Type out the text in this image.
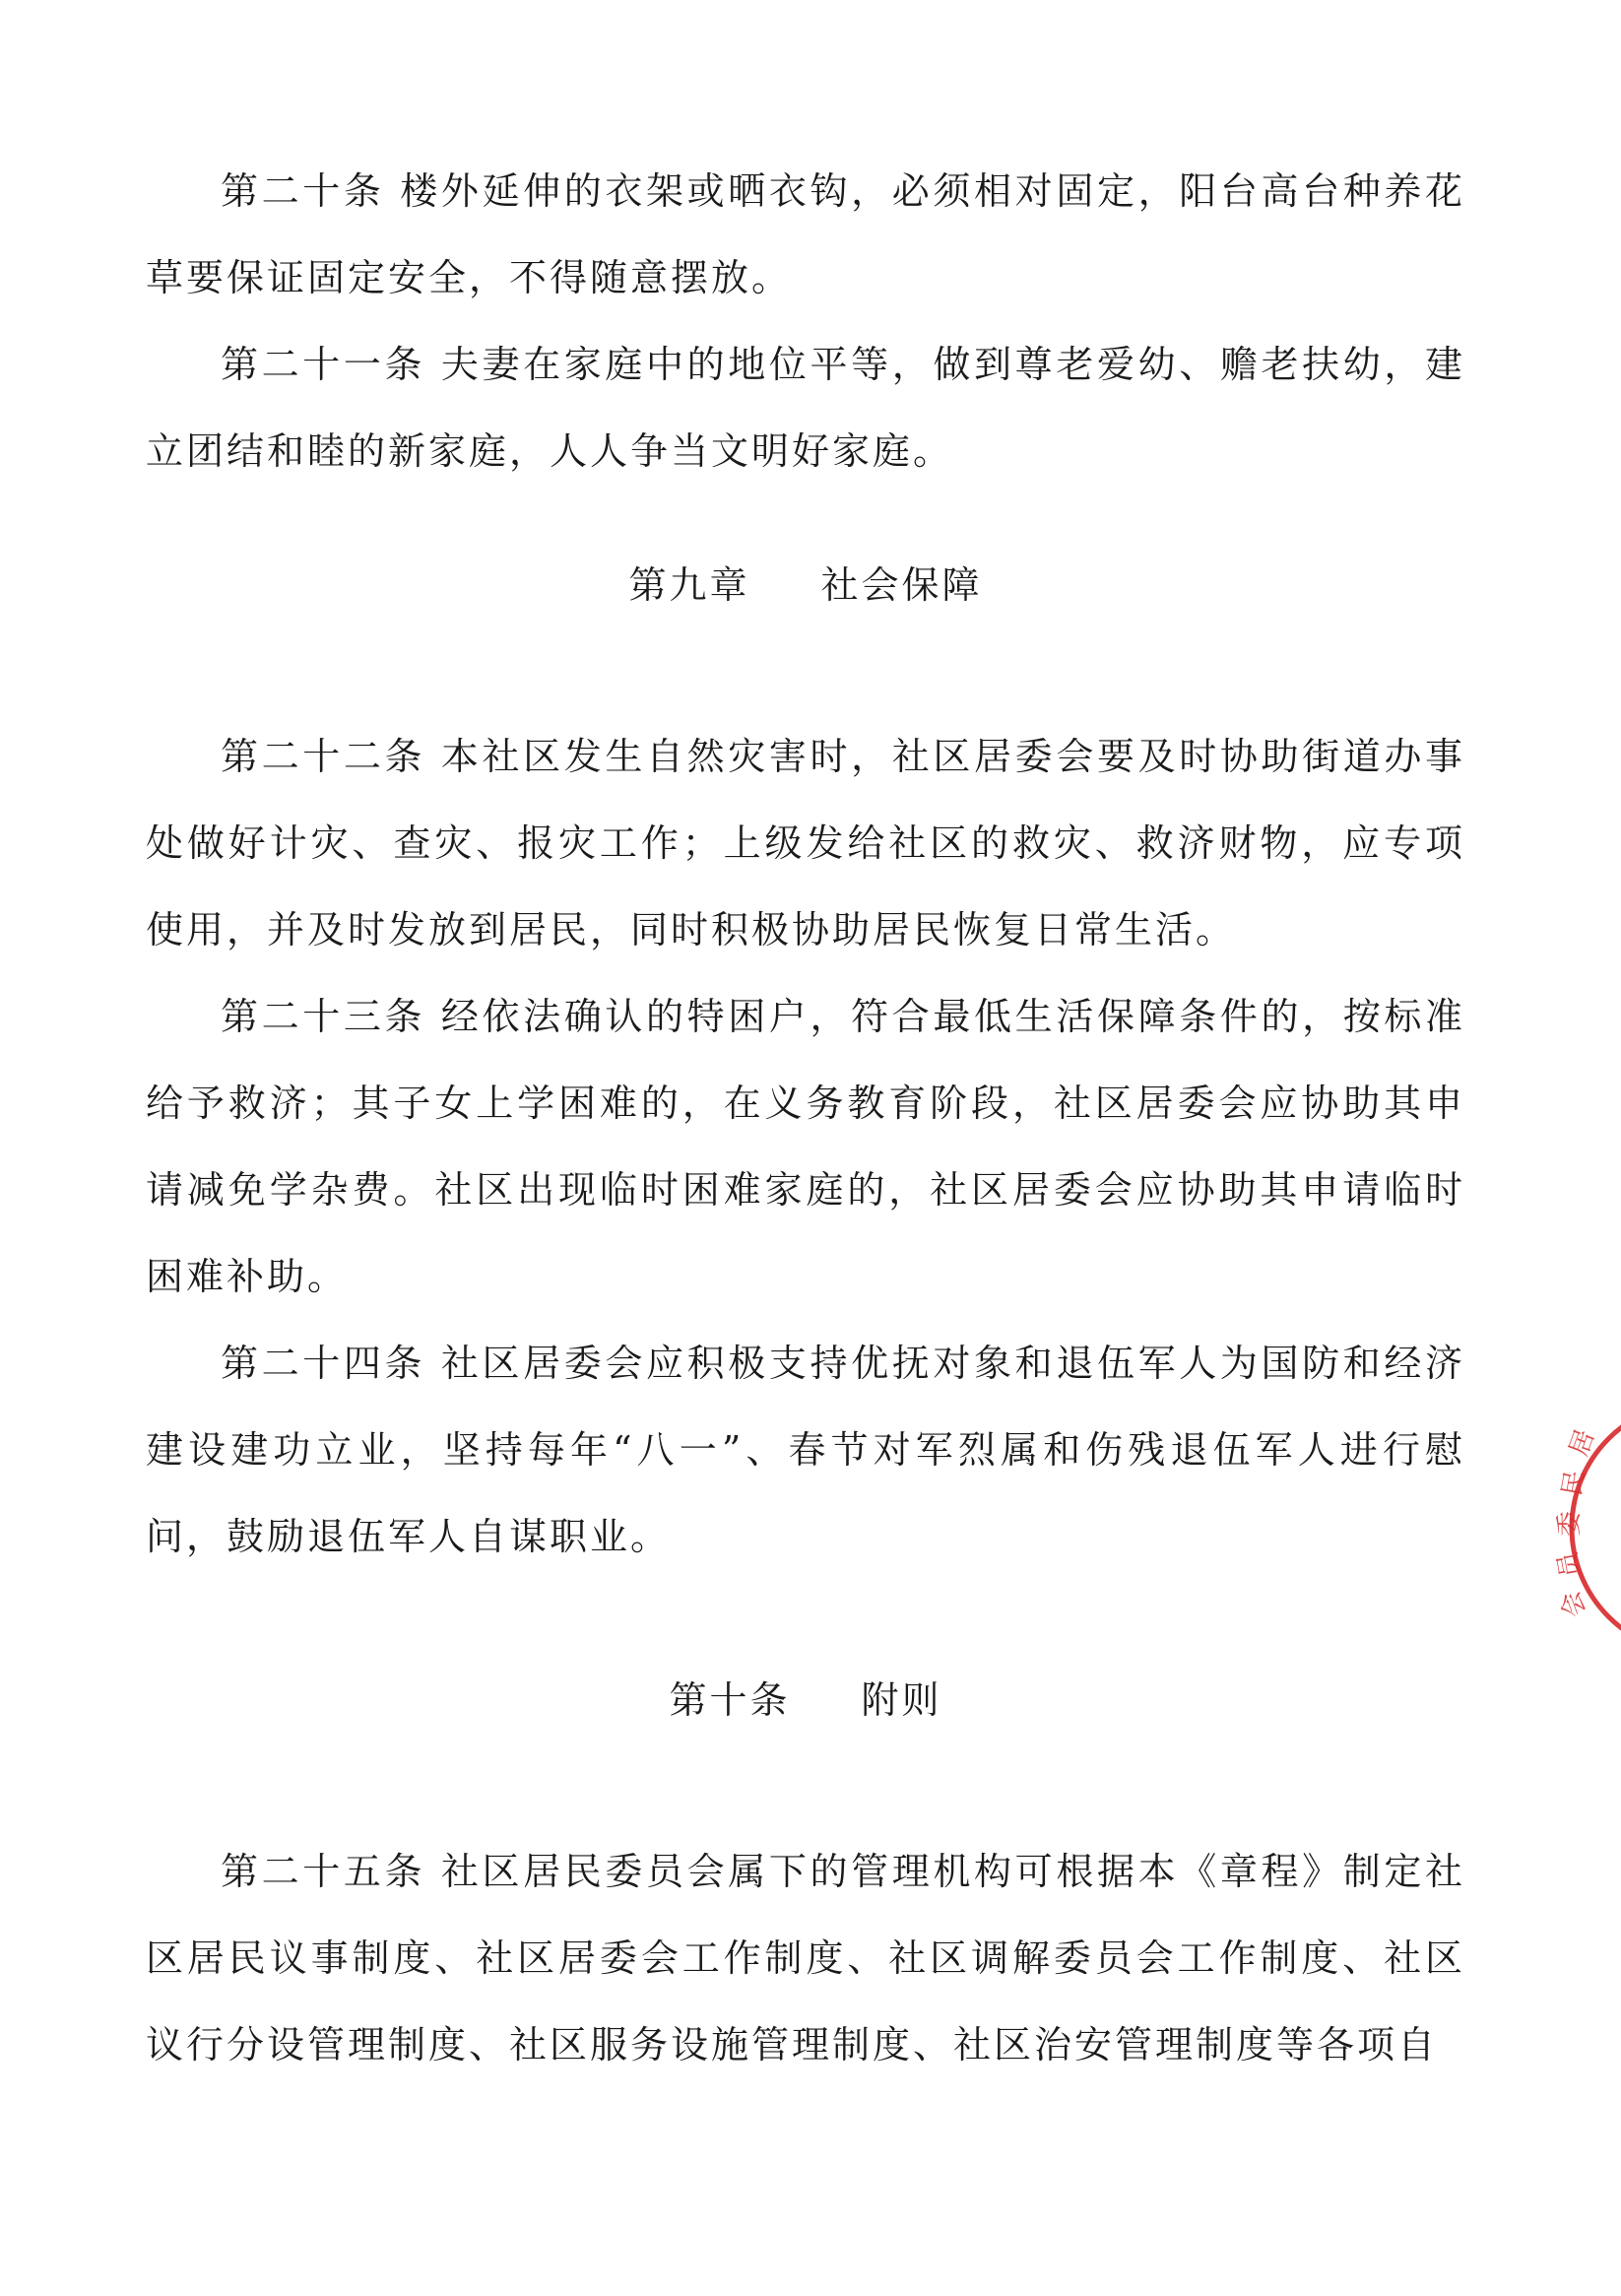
第二十条 楼外延伸的衣架或晒衣钩，必须相对固定，阳台高台种养花草要保证固定安全，不得随意摆放。

第二十一条 夫妻在家庭中的地位平等，做到尊老爱幼、赡老扶幼，建立团结和睦的新家庭，人人争当文明好家庭。

第九章 社会保障

第二十二条 本社区发生自然灾害时，社区居委会要及时协助街道办事处做好计灾、查灾、报灾工作；上级发给社区的救灾、救济财物，应专项使用，并及时发放到居民，同时积极协助居民恢复日常生活。

第二十三条 经依法确认的特困户，符合最低生活保障条件的，按标准给予救济；其子女上学困难的，在义务教育阶段，社区居委会应协助其申请减免学杂费。社区出现临时困难家庭的，社区居委会应协助其申请临时困难补助。

第二十四条 社区居委会应积极支持优抚对象和退伍军人为国防和经济建设建功立业，坚持每年“八一”、春节对军烈属和伤残退伍军人进行慰问，鼓励退伍军人自谋职业。

第十条 附则

第二十五条 社区居民委员会属下的管理机构可根据本《章程》制定社区居民议事制度、社区居委会工作制度、社区调解委员会工作制度、社区议行分设管理制度、社区服务设施管理制度、社区治安管理制度等各项自

居
民
委
员
会
